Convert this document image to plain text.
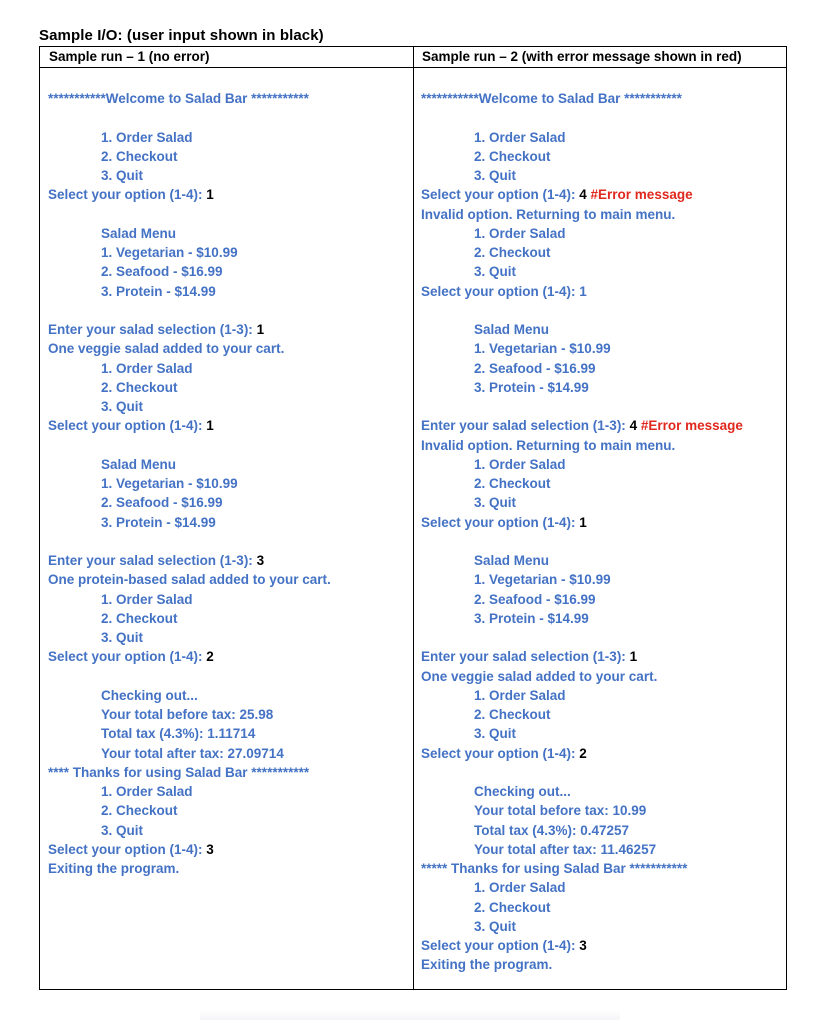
Sample I/O: (user input shown in black)
Sample run – 1 (no error)	Sample run – 2 (with error message shown in red)
***********Welcome to Salad Bar ***********

1. Order Salad
2. Checkout
3. Quit
Select your option (1-4): 1

Salad Menu
1. Vegetarian - $10.99
2. Seafood - $16.99
3. Protein - $14.99

Enter your salad selection (1-3): 1
One veggie salad added to your cart.
1. Order Salad
2. Checkout
3. Quit
Select your option (1-4): 1

Salad Menu
1. Vegetarian - $10.99
2. Seafood - $16.99
3. Protein - $14.99

Enter your salad selection (1-3): 3
One protein-based salad added to your cart.
1. Order Salad
2. Checkout
3. Quit
Select your option (1-4): 2

Checking out...
Your total before tax: 25.98
Total tax (4.3%): 1.11714
Your total after tax: 27.09714
**** Thanks for using Salad Bar ***********
1. Order Salad
2. Checkout
3. Quit
Select your option (1-4): 3
Exiting the program.
***********Welcome to Salad Bar ***********

1. Order Salad
2. Checkout
3. Quit
Select your option (1-4): 4 #Error message
Invalid option. Returning to main menu.
1. Order Salad
2. Checkout
3. Quit
Select your option (1-4): 1

Salad Menu
1. Vegetarian - $10.99
2. Seafood - $16.99
3. Protein - $14.99

Enter your salad selection (1-3): 4 #Error message
Invalid option. Returning to main menu.
1. Order Salad
2. Checkout
3. Quit
Select your option (1-4): 1

Salad Menu
1. Vegetarian - $10.99
2. Seafood - $16.99
3. Protein - $14.99

Enter your salad selection (1-3): 1
One veggie salad added to your cart.
1. Order Salad
2. Checkout
3. Quit
Select your option (1-4): 2

Checking out...
Your total before tax: 10.99
Total tax (4.3%): 0.47257
Your total after tax: 11.46257
***** Thanks for using Salad Bar ***********
1. Order Salad
2. Checkout
3. Quit
Select your option (1-4): 3
Exiting the program.
